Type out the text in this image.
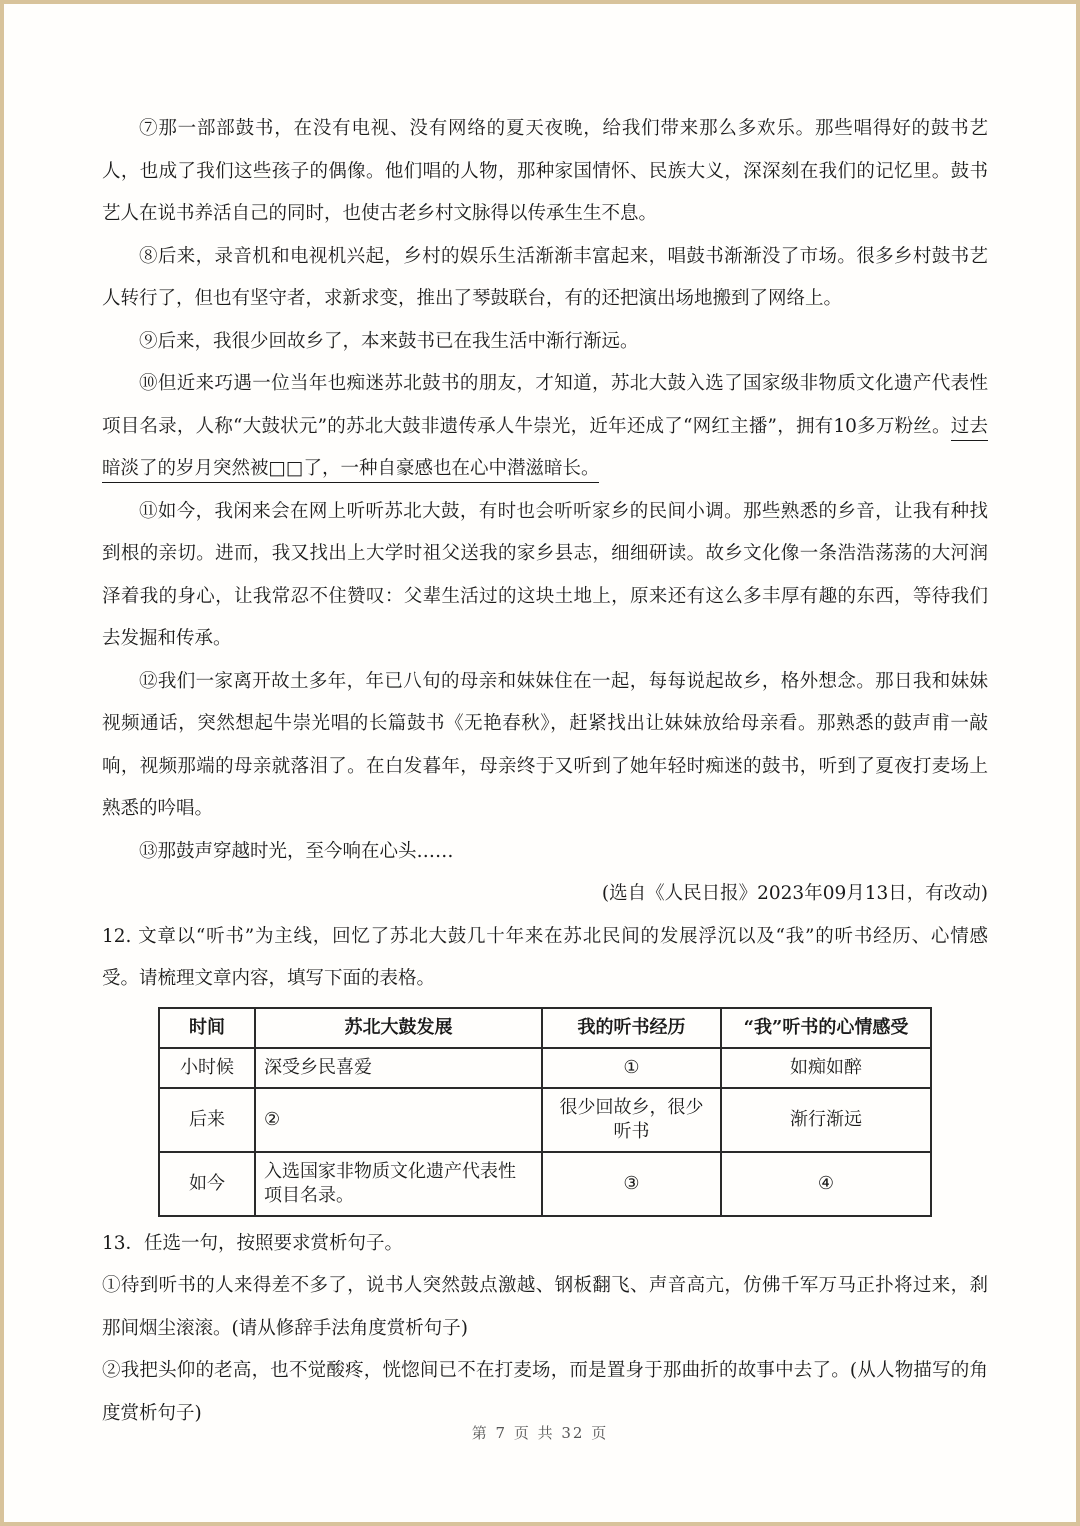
⑦那一部部鼓书，在没有电视、没有网络的夏天夜晚，给我们带来那么多欢乐。那些唱得好的鼓书艺人，也成了我们这些孩子的偶像。他们唱的人物，那种家国情怀、民族大义，深深刻在我们的记忆里。鼓书艺人在说书养活自己的同时，也使古老乡村文脉得以传承生生不息。

⑧后来，录音机和电视机兴起，乡村的娱乐生活渐渐丰富起来，唱鼓书渐渐没了市场。很多乡村鼓书艺人转行了，但也有坚守者，求新求变，推出了琴鼓联台，有的还把演出场地搬到了网络上。

⑨后来，我很少回故乡了，本来鼓书已在我生活中渐行渐远。

⑩但近来巧遇一位当年也痴迷苏北鼓书的朋友，才知道，苏北大鼓入选了国家级非物质文化遗产代表性项目名录，人称“大鼓状元”的苏北大鼓非遗传承人牛崇光，近年还成了“网红主播”，拥有10多万粉丝。过去暗淡了的岁月突然被□□了，一种自豪感也在心中潜滋暗长。

⑪如今，我闲来会在网上听听苏北大鼓，有时也会听听家乡的民间小调。那些熟悉的乡音，让我有种找到根的亲切。进而，我又找出上大学时祖父送我的家乡县志，细细研读。故乡文化像一条浩浩荡荡的大河润泽着我的身心，让我常忍不住赞叹：父辈生活过的这块土地上，原来还有这么多丰厚有趣的东西，等待我们去发掘和传承。

⑫我们一家离开故土多年，年已八旬的母亲和妹妹住在一起，每每说起故乡，格外想念。那日我和妹妹视频通话，突然想起牛崇光唱的长篇鼓书《无艳春秋》，赶紧找出让妹妹放给母亲看。那熟悉的鼓声甫一敲响，视频那端的母亲就落泪了。在白发暮年，母亲终于又听到了她年轻时痴迷的鼓书，听到了夏夜打麦场上熟悉的吟唱。

⑬那鼓声穿越时光，至今响在心头……

(选自《人民日报》2023年09月13日，有改动)

12. 文章以“听书”为主线，回忆了苏北大鼓几十年来在苏北民间的发展浮沉以及“我”的听书经历、心情感受。请梳理文章内容，填写下面的表格。

时间	苏北大鼓发展	我的听书经历	“我”听书的心情感受
小时候	深受乡民喜爱	①	如痴如醉
后来	②	很少回故乡，很少听书	渐行渐远
如今	入选国家非物质文化遗产代表性项目名录。	③	④

13．任选一句，按照要求赏析句子。

①待到听书的人来得差不多了，说书人突然鼓点激越、钢板翻飞、声音高亢，仿佛千军万马正扑将过来，刹那间烟尘滚滚。(请从修辞手法角度赏析句子)

②我把头仰的老高，也不觉酸疼，恍惚间已不在打麦场，而是置身于那曲折的故事中去了。(从人物描写的角度赏析句子)

第 7 页 共 32 页
